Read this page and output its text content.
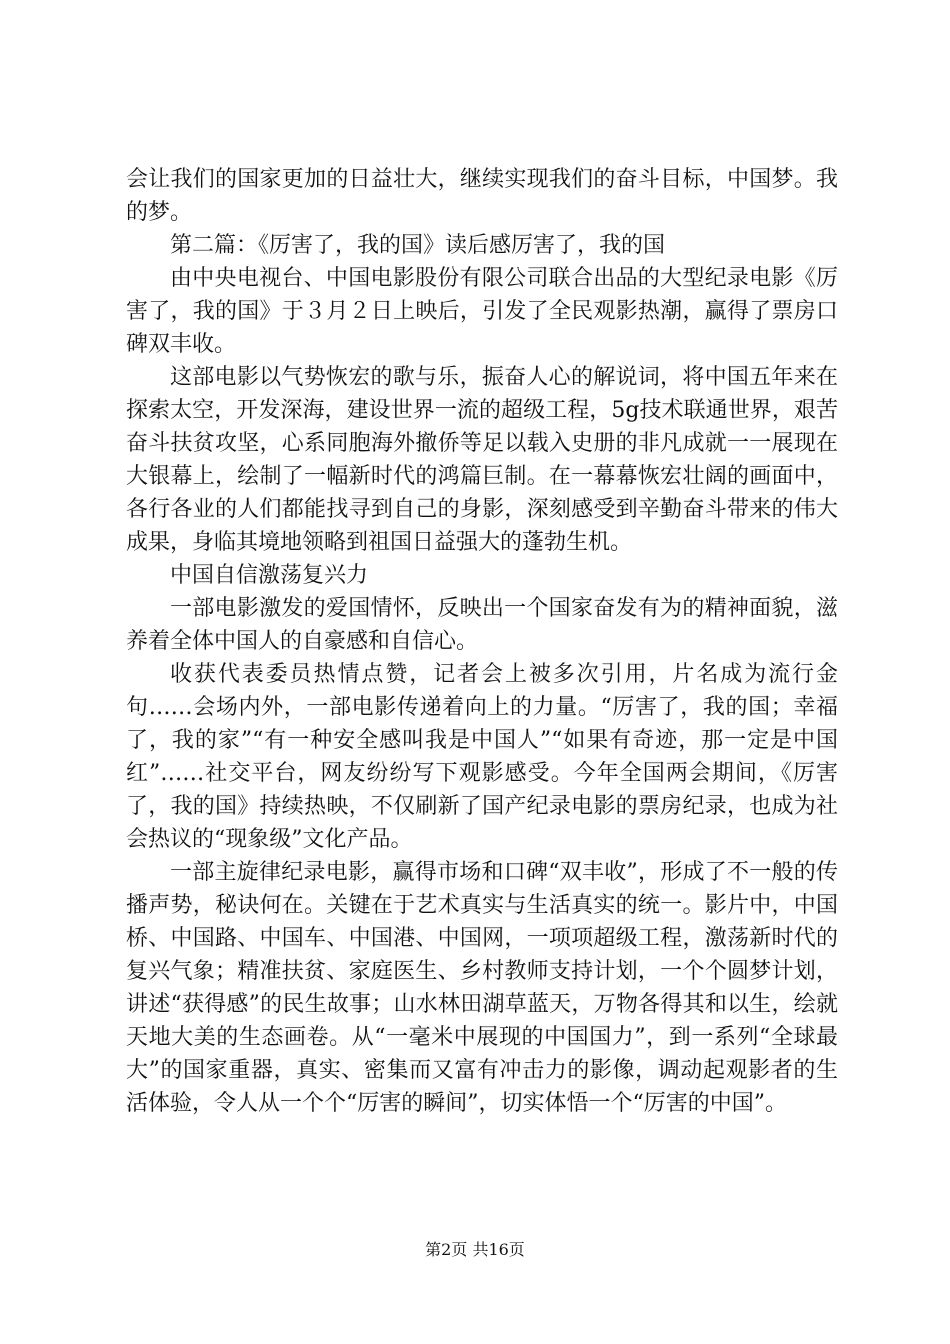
会让我们的国家更加的日益壮大，继续实现我们的奋斗目标，中国梦。我的梦。

第二篇：《厉害了，我的国》读后感厉害了，我的国

由中央电视台、中国电影股份有限公司联合出品的大型纪录电影《厉害了，我的国》于３月２日上映后，引发了全民观影热潮，赢得了票房口碑双丰收。

这部电影以气势恢宏的歌与乐，振奋人心的解说词，将中国五年来在探索太空，开发深海，建设世界一流的超级工程，5g技术联通世界，艰苦奋斗扶贫攻坚，心系同胞海外撤侨等足以载入史册的非凡成就一一展现在大银幕上，绘制了一幅新时代的鸿篇巨制。在一幕幕恢宏壮阔的画面中，各行各业的人们都能找寻到自己的身影，深刻感受到辛勤奋斗带来的伟大成果，身临其境地领略到祖国日益强大的蓬勃生机。

中国自信激荡复兴力

一部电影激发的爱国情怀，反映出一个国家奋发有为的精神面貌，滋养着全体中国人的自豪感和自信心。

收获代表委员热情点赞，记者会上被多次引用，片名成为流行金句……会场内外，一部电影传递着向上的力量。“厉害了，我的国；幸福了，我的家”“有一种安全感叫我是中国人”“如果有奇迹，那一定是中国红”……社交平台，网友纷纷写下观影感受。今年全国两会期间，《厉害了，我的国》持续热映，不仅刷新了国产纪录电影的票房纪录，也成为社会热议的“现象级”文化产品。

一部主旋律纪录电影，赢得市场和口碑“双丰收”，形成了不一般的传播声势，秘诀何在。关键在于艺术真实与生活真实的统一。影片中，中国桥、中国路、中国车、中国港、中国网，一项项超级工程，激荡新时代的复兴气象；精准扶贫、家庭医生、乡村教师支持计划，一个个圆梦计划，讲述“获得感”的民生故事；山水林田湖草蓝天，万物各得其和以生，绘就天地大美的生态画卷。从“一毫米中展现的中国国力”，到一系列“全球最大”的国家重器，真实、密集而又富有冲击力的影像，调动起观影者的生活体验，令人从一个个“厉害的瞬间”，切实体悟一个“厉害的中国”。

第2页 共16页
